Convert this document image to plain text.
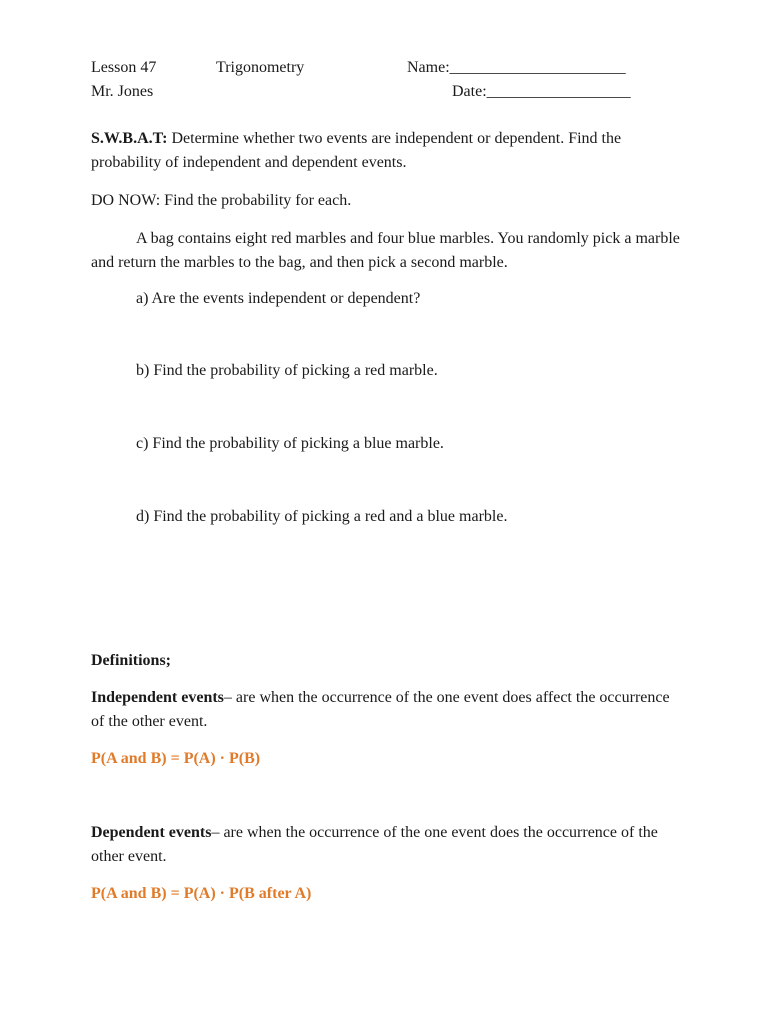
Lesson 47	Trigonometry	Name:______________________
Mr. Jones	Date:__________________
S.W.B.A.T: Determine whether two events are independent or dependent. Find the probability of independent and dependent events.
DO NOW: Find the probability for each.
A bag contains eight red marbles and four blue marbles. You randomly pick a marble and return the marbles to the bag, and then pick a second marble.
a) Are the events independent or dependent?
b) Find the probability of picking a red marble.
c) Find the probability of picking a blue marble.
d) Find the probability of picking a red and a blue marble.
Definitions;
Independent events– are when the occurrence of the one event does affect the occurrence of the other event.
P(A and B) = P(A) · P(B)
Dependent events– are when the occurrence of the one event does the occurrence of the other event.
P(A and B) = P(A) · P(B after A)
